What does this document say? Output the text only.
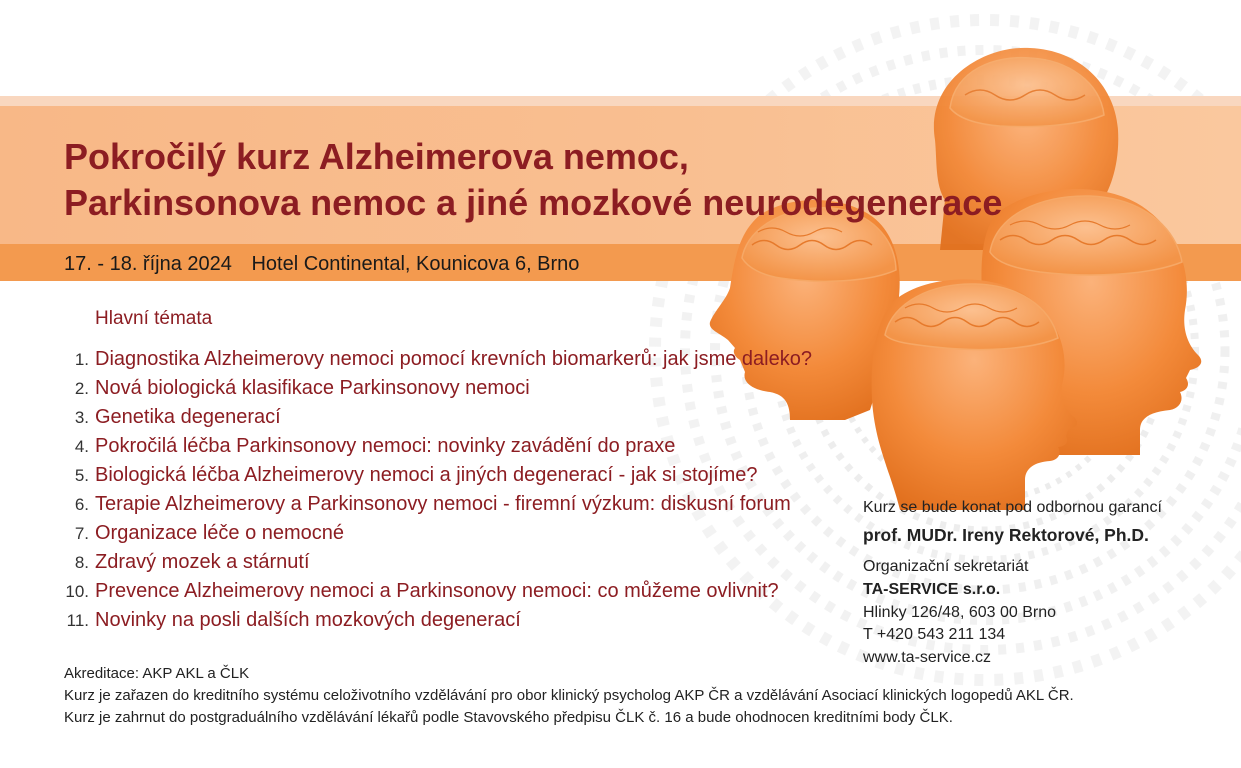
Pokročilý kurz Alzheimerova nemoc,
Parkinsonova nemoc a jiné mozkové neurodegenerace
17. - 18. října 2024 Hotel Continental, Kounicova 6, Brno
Hlavní témata
1. Diagnostika Alzheimerovy nemoci pomocí krevních biomarkerů: jak jsme daleko?
2. Nová biologická klasifikace Parkinsonovy nemoci
3. Genetika degenerací
4. Pokročilá léčba Parkinsonovy nemoci: novinky zavádění do praxe
5. Biologická léčba Alzheimerovy nemoci a jiných degenerací - jak si stojíme?
6. Terapie Alzheimerovy a Parkinsonovy nemoci - firemní výzkum: diskusní forum
7. Organizace léče o nemocné
8. Zdravý mozek a stárnutí
10. Prevence Alzheimerovy nemoci a Parkinsonovy nemoci: co můžeme ovlivnit?
11. Novinky na posli dalších mozkových degenerací
Kurz se bude konat pod odbornou garancí
prof. MUDr. Ireny Rektorové, Ph.D.
Organizační sekretariát
TA-SERVICE s.r.o.
Hlinky 126/48, 603 00 Brno
T +420 543 211 134
www.ta-service.cz
Akreditace: AKP AKL a ČLK
Kurz je zařazen do kreditního systému celoživotního vzdělávání pro obor klinický psycholog AKP ČR a vzdělávání Asociací klinických logopedů AKL ČR.
Kurz je zahrnut do postgraduálního vzdělávání lékařů podle Stavovského předpisu ČLK č. 16 a bude ohodnocen kreditními body ČLK.
